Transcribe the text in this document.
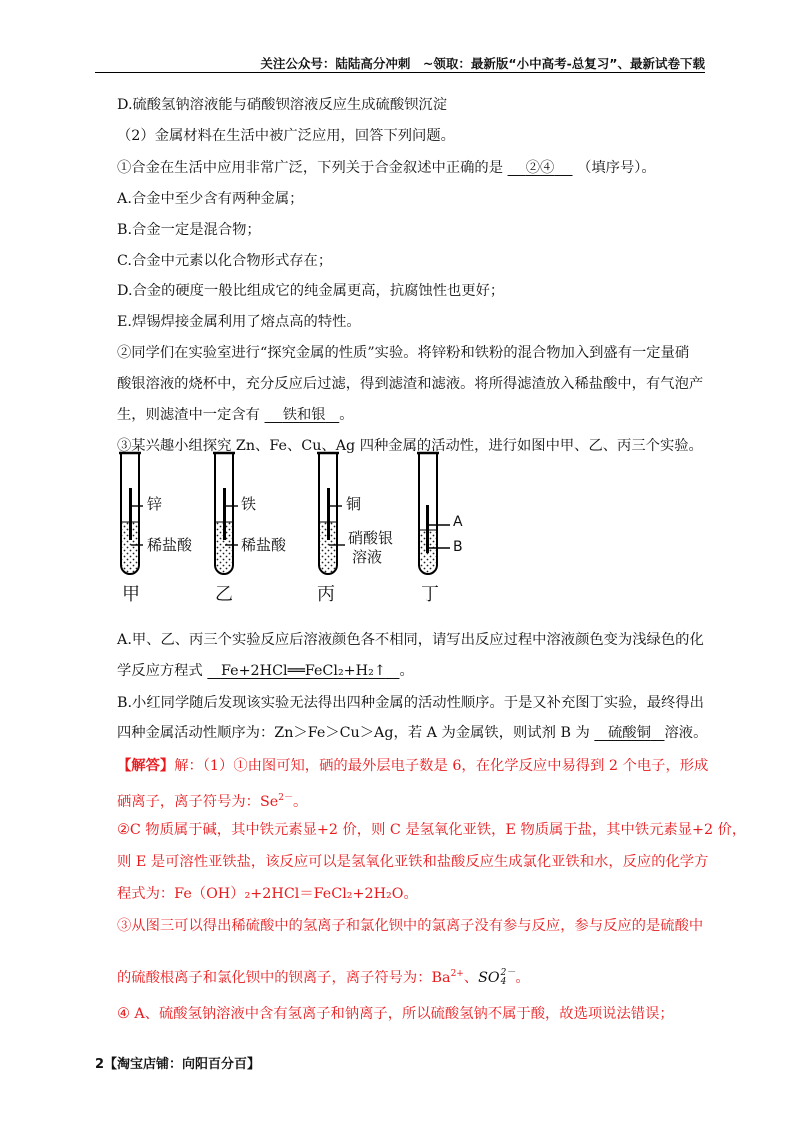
关注公众号：陆陆高分冲刺　~领取：最新版“小中高考-总复习”、最新试卷下载
D.硫酸氢钠溶液能与硝酸钡溶液反应生成硫酸钡沉淀
（2）金属材料在生活中被广泛应用，回答下列问题。
①合金在生活中应用非常广泛，下列关于合金叙述中正确的是 ②④ （填序号）。
A.合金中至少含有两种金属；
B.合金一定是混合物；
C.合金中元素以化合物形式存在；
D.合金的硬度一般比组成它的纯金属更高，抗腐蚀性也更好；
E.焊锡焊接金属利用了熔点高的特性。
②同学们在实验室进行“探究金属的性质”实验。将锌粉和铁粉的混合物加入到盛有一定量硝
酸银溶液的烧杯中，充分反应后过滤，得到滤渣和滤液。将所得滤渣放入稀盐酸中，有气泡产
生，则滤渣中一定含有 铁和银 。
③某兴趣小组探究 Zn、Fe、Cu、Ag 四种金属的活动性，进行如图中甲、乙、丙三个实验。
锌
稀盐酸
甲
铁
稀盐酸
乙
铜
硝酸银
溶液
丙
A
B
丁
A.甲、乙、丙三个实验反应后溶液颜色各不相同，请写出反应过程中溶液颜色变为浅绿色的化
学反应方程式 Fe+2HCl══FeCl₂+H₂↑ 。
B.小红同学随后发现该实验无法得出四种金属的活动性顺序。于是又补充图丁实验，最终得出
四种金属活动性顺序为：Zn＞Fe＞Cu＞Ag，若 A 为金属铁，则试剂 B 为 硫酸铜 溶液。
【解答】解：（1）①由图可知，硒的最外层电子数是 6，在化学反应中易得到 2 个电子，形成
硒离子，离子符号为：$Se^{2-}$。
②C 物质属于碱，其中铁元素显+2 价，则 C 是氢氧化亚铁，E 物质属于盐，其中铁元素显+2 价，
则 E 是可溶性亚铁盐，该反应可以是氢氧化亚铁和盐酸反应生成氯化亚铁和水，反应的化学方
程式为：Fe（OH）₂+2HCl＝FeCl₂+2H₂O。
③从图三可以得出稀硫酸中的氢离子和氯化钡中的氯离子没有参与反应，参与反应的是硫酸中
的硫酸根离子和氯化钡中的钡离子，离子符号为：$Ba^{2+}$、SO 2－
4 。
④ A、硫酸氢钠溶液中含有氢离子和钠离子，所以硫酸氢钠不属于酸，故选项说法错误；
2【淘宝店铺：向阳百分百】
